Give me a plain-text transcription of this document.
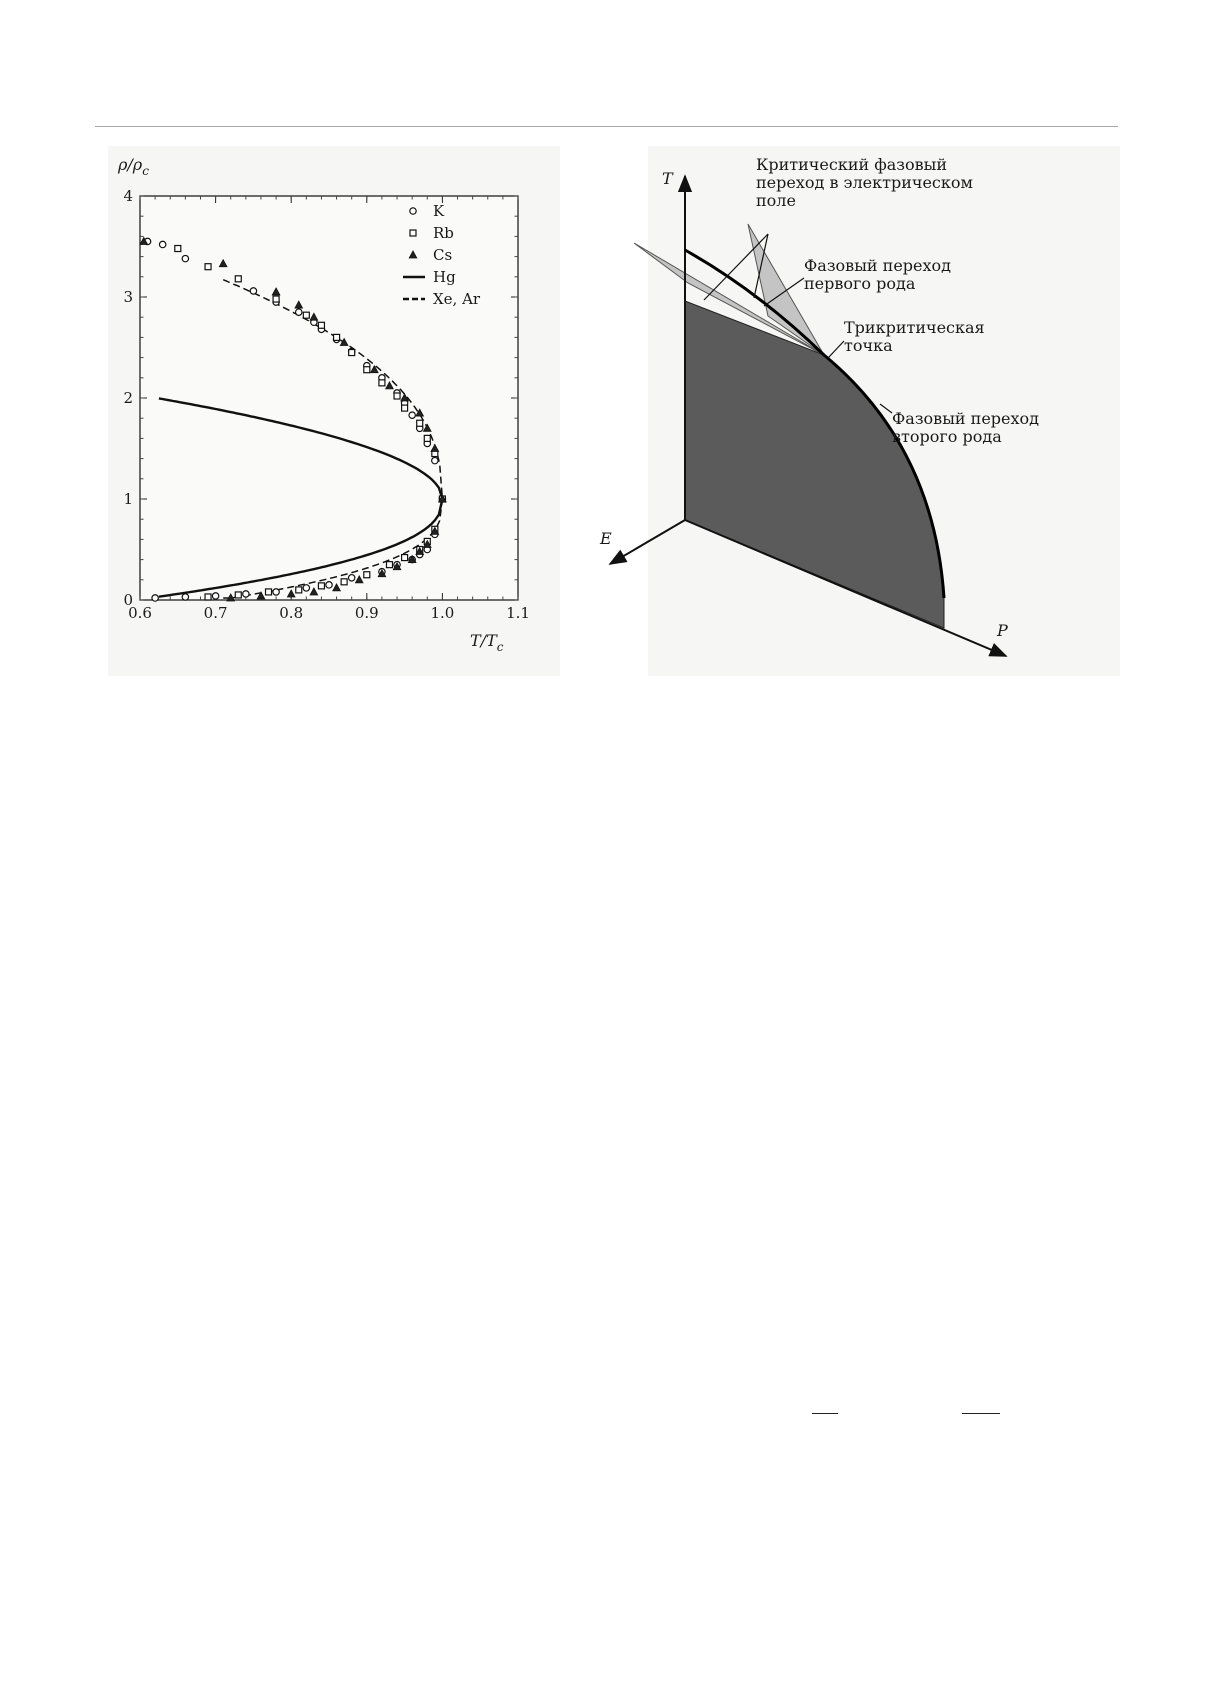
0.6	0.7	0.8	0.9	1.0	1.1
0
1
2
3
4
K
Rb
Cs
Hg
Xe, Ar
$\rho/\rho_c$
$T/T_c$
T
E
P
Критический фазовый переход в электрическом поле
Фазовый переход первого рода
Трикритическая точка
Фазовый переход второго рода
